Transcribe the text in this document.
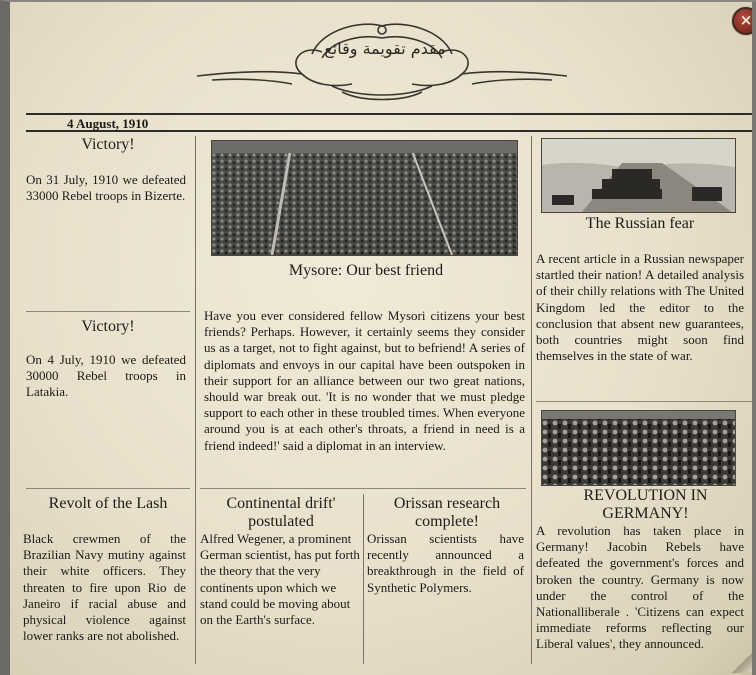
مقدم تقويمة وقائع
×
4 August, 1910
Victory!
On 31 July, 1910 we defeated 33000 Rebel troops in Bizerte.
Victory!
On 4 July, 1910 we defeated 30000 Rebel troops in Latakia.
Mysore: Our best friend
Have you ever considered fellow Mysori citizens your best friends? Perhaps. However, it certainly seems they consider us as a target, not to fight against, but to befriend! A series of diplomats and envoys in our capital have been outspoken in their support for an alliance between our two great nations, should war break out. 'It is no wonder that we must pledge support to each other in these troubled times. When everyone around you is at each other's throats, a friend in need is a friend indeed!' said a diplomat in an interview.
The Russian fear
A recent article in a Russian newspaper startled their nation! A detailed analysis of their chilly relations with The United Kingdom led the editor to the conclusion that absent new guarantees, both countries might soon find themselves in the state of war.
REVOLUTION IN GERMANY!
A revolution has taken place in Germany! Jacobin Rebels have defeated the government's forces and broken the country. Germany is now under the control of the Nationalliberale . 'Citizens can expect immediate reforms reflecting our Liberal values', they announced.
Revolt of the Lash
Black crewmen of the Brazilian Navy mutiny against their white officers. They threaten to fire upon Rio de Janeiro if racial abuse and physical violence against lower ranks are not abolished.
Continental drift' postulated
Alfred Wegener, a prominent German scientist, has put forth the theory that the very continents upon which we stand could be moving about on the Earth's surface.
Orissan research complete!
Orissan scientists have recently announced a breakthrough in the field of Synthetic Polymers.
